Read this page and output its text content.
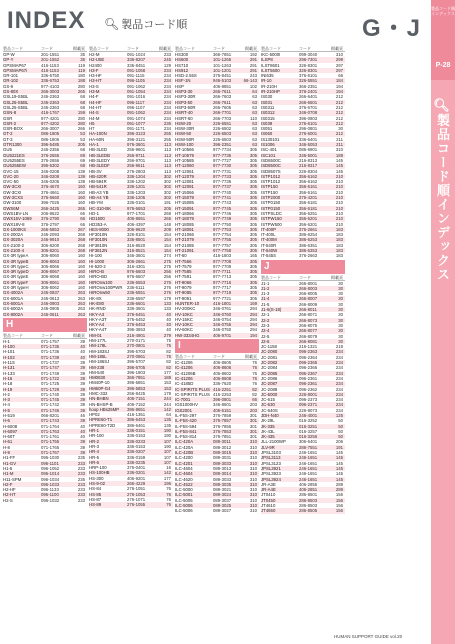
INDEX 🔍︎ 製品コード順	G・J
製品コード順インデックス
P-28
🔍︎製品コード順インデックス
製品コード	コード	掲載頁
GP-W	201-1551	35
GP-Y	201-1552	35
GPSMAP67	416-1153	119
GPSMAP67i	416-1153	119
GR-101	336-6750	180
GR-102	336-6753	188
GS-9	977-4103	280
GS-80X	266-3003	265
GSL19-S5BL	246-2363	68
GSL25-S5BL	246-2363	68
GSL25-S5BL	246-2363	68
GSN-8	416-1767	159
GSR	977-4201	280
GSR-2	977-4202	280
GSR-BOX	266-3007	266
GT-2	086-1805	53
GT-3	086-1806	53
GTR1300	396-5485	205
GU5	246-2356	68
GU5221ES	376-2655	69
GU5255ES	376-2656	69
GU5255EW	396-6302	68
GVC-15	346-0208	139
GVC-20	346-0209	139
GVC-50	346-0205	139
GW-3CXI	376-4670	160
GW-3CXI	376-4661	160
GW-3CXS	376-6660	160
GW-3100	396-7025	160
GWS6M	266-3425	265
GWS1BV-LN	206-8622	66
GWX16V-1069	376-2790	66
GWX18V-8	376-2797	66
GX-1000KS	266-5853	267
GX-2002A	246-2093	268
GX-3020A	246-9910	268
GX-2100-2	306-8200	268
GX-2100-4	306-8201	268
GX-3R typeA	306-8060	160
GX-3R typeB	306-8063	160
GX-3R typeC	306-8066	160
GX-3R typeD	306-8067	160
GX-3R typeE	306-8068	160
GX-3R typeF	306-8061	160
GX-3R typeH	306-8062	160
GX-4002A	246-0837	263
GX-6001A	246-0613	263
GX-6001A	246-0903	263
GX-6002A	246-0905	263
GX-8002A	246-0611	263
H
製品コード	コード	掲載頁
H-1	071-1757	39
H-100	071-1735	40
H-101	071-1736	40
H-102	071-1739	40
H-11S	071-1737	39
H-131	071-1747	39
H-133	071-1749	39
H-16	071-1722	39
H-18	071-1725	39
H-19	071-1729	39
H-2	071-1740	39
H-3	071-1745	39
H-4	071-1742	39
H-5	071-1746	39
H-519	066-8201	46
H-6	071-1743	39
H-6008	071-1764	40
H-6097	071-1763	40
H-60T	071-1761	40
H-61	071-1755	39
H-8	071-1765	39
H-9	071-1767	39
H1-FF	096-1030	235
H1-GV	096-1101	233
H1-5	096-1052	233
H1-M	096-1014	233
H11-SPM	096-1034	235
H2-F	096-1033	233
H2-HF	096-1133	233
H2-HT	096-1100	233
H2-S	096-1032	233
製品コード	コード	掲載頁
H2-M	091-1024	233
H2-U5E	336-8207	245
H2400	336-8451	129
H3-F	091-1058	234
H3-HF	091-1115	234
H3-HT	096-1105	234
H3-S	091-1062	234
H3-M	091-1054	234
H4-F	091-1016	234
H4-HF	096-1117	234
H4-HT	096-1107	234
H4-S	091-1062	234
H4-M	091-1074	234
H5	091-1077	236
H7	091-1171	234
HA-100N	396-3123	255
HA-60N	396-3121	255
HA-1	976-3601	113
HB-3LED	256-9601	113
HB-3LEDB	256-9711	113
HB-3LEDY	256-9701	113
HB-3LEDF	256-9611	113
HB-3V	276-2803	113
HB-420R	336-1204	302
HB-594R	336-1202	302
HB-541R	336-1201	302
HB-A3 YB	336-1203	302
HB-A4 YB	336-1205	302
HB-YM	336-0101	191
HC-310-BK	976-6653	205
HD-1	977-1701	269
HD1500	406-8651	265
HD353-A	406-4397	148
HES-8000	306-9620	209
HF3010N	326-8101	154
HF3010N	336-8501	154
HF3810N	316-8520	154
HF3812N	316-8521	154
HI-100	346-3601	274
HI-1000	306-2661	275
HI-520-2	316-4301	275
HIRO-B	976-6603	256
HIRO-BD	976-6607	256
HIROnw100	236-6553	276
HIROnw100PWR	236-6111	276
HIROnw50	236-6551	276
HK-8X	236-6597	179
HK-E80	236-6601	133
HK-RND	336-3601	133
HKY-A3	376-6451	40
HKY-A3T	376-6452	40
HKY-A4	376-6453	40
HKY-A4T	396-3653	40
HM-01	216-4901	279
HM-177L	270-0171	75
HM-178L	270-0801	75
HM-183SJ	396-5703	82
HM-185L	270-0861	75
HM-186SJ	396-5707	82
HM-238	396-6705	82
HM-540	396-1903	177
HM0830	366-7851	188
HM40P-10	396-5851	153
HM60P-G4	396-5853	153
HMC-332	256-8425	179
HN-BHBN	406-7151	244
HN-BHSP-B	406-7152	244
hoop HBs25MP	396-8651	142
HP02	416-1351	64
HPRE60-T1	386-6453	135
HPRE60-T2D	386-6461	135
HR-1	336-0151	190
HR-100	336-0153	190
HR-2	336-0233	107
HR-3	336-0153	190
HR-4	336-0207	107
HR-5	336-0159	107
HR-6	336-0235	107
HRP-100	376-0401	16
HS-100HB	236-0201	142
HS-300	406-9201	177
HS-9-02	266-4229	196
HS-84	276-1051	76
HS-85	276-1053	76
HS-87	276-1071	76
HS-89	276-1055	76
製品コード	コード	掲載頁
HS300	366-7851	192
HS600	101-1265	291
HS710	101-1263	291
HS912	101-1201	291
HSD-2.55S	376-8451	243
HSF-1N	946-5103	66-143
HSP	406-8851	102
HSP3-30	266-7611	64
HSP3-30R	266-7603	63
HSP3-50	266-7611	63
HSP3-50R	266-7605	63
HSRT-40	266-7701	63
HSRT-60	266-7703	110
HSW-20	226-6551	63
HSW-30R	226-6502	63
HSW-50	226-6503	63
HSW-50R	226-6503	63
HSW-100	396-2351	63
HT-10566	977-7734	305
HT-10579	977-7735	305
HT-10585	977-7727	305
HT-12060	977-7730	305
HT-12061	977-7731	305
HT-12079	977-7733	305
HT-12081	977-7736	305
HT-12091	977-7737	305
HT-15066	977-7740	305
HT-15079	977-7741	305
HT-15085	977-7743	305
HT-15091	977-7745	305
HT-18066	977-7746	305
HT-18079	977-7749	305
HT-18085	977-7750	305
HT-18091	977-7753	305
HT-21066	977-7754	305
HT-21079	977-7755	305
HT-21085	977-7757	305
HT-21091	977-7758	305
HT-60	416-1803	165
HT-7566	977-7708	305
HT-7579	977-7709	305
HT-7585	977-7711	305
HT-7591	977-7713	305
HT-9066	977-7716	305
HT-9079	977-7717	305
HT-9085	977-7719	305
HT-9091	977-7721	305
HUNTER-10	416-1801	169
HV-200KC	346-0761	294
HV-10KC	346-0760	294
HV-15KC	346-0754	294
HV-10KC	346-0755	294
HV-60KC	346-0750	294
HW-3334HG	406-9701	194
I
製品コード	コード	掲載頁
IC-41206	406-8605	76
IC-41206	406-8606	76
IC-41206B	406-8602	76
IC-41206	406-8608	76
IC-4185D	336-7620	76
IC-SPIRITS PLUS 416-2251	82
IC-SPIRITS PLUS 416-2253	82
IC-7001	396-0801	66
IGS1000HV	346-8601	203
IGS2001	406-6151	203
IL-F5S-297	376-7859	301
IL-F5S-420	376-7857	301
IL-F5S-594	376-7855	301
IL-F5S-841	376-7853	301
IL-F5S-814	376-7851	301
ILC-420A	089-3011	310
ILC-420A	089-3012	310
ILC-420B	089-3015	310
ILC-4200	089-3031	310
ILC-4201	089-3033	310
ILC-4604	089-3013	310
ILC-4604	089-3014	310
ILC-4620	089-3033	310
ILC-4622	089-3035	310
ILC-5000	089-3021	310
ILC-5001	089-3024	310
ILC-5005	089-3037	310
ILC-5006	089-3025	310
ILC-5006	089-3027	310
製品コード	コード	掲載頁
IKC-5000I	099-3040	310
ILSP8	296-7301	299
ILST8601	326-8301	297
ILST5600	326-8301	297
INI635	376-6101	66
IR-10	326-5551	184
IR-210H	366-2351	194
IR-210HP	376-2401	194
IS030	266-6401	212
IS031	266-6501	212
IS0311	376-6701	212
IS0312	346-0708	212
IS0315	396-0803	212
IS039	276-6101	212
IS051	296-0801	30
IS060	276-6001	212
IS130101	336-6401	211
IS1006	346-5053	211
ISC-401	086-6901	310
ISC101	346-5001	189
ISD6500C	216-8313	145
ISD8500C	216-8317	145
ISD8507S	226-8304	145
ISTP1012	356-6162	210
ISTP1012	356-6162	210
ISTP150	356-6161	210
ISTP150	356-6161	210
ISTP2000	376-4201	210
ISTP0150	356-6181	210
ISTP0150	356-6181	210
ISTPSLDC	356-6251	210
ISTPW150	356-6201	210
ISTPW500	356-6201	210
IT-400P	376-2661	183
IT-400L	386-6254	183
IT-400M	386-6253	183
IT-540R	386-6351	183
IT-540W	386-6353	183
IT-545S	376-2663	183
J
製品コード	コード	掲載頁
J1-1	266-8001	30
J1-2	266-8003	30
J1-3	266-8005	30
J1-4	266-8007	30
J1-5	266-8009	30
J1-6(S-18)	266-8011	30
J2-1	266-8071	30
J2-2	266-8073	30
J2-3	266-8075	30
J2-4	266-8077	30
J2-5	266-8079	30
J2-6	266-8081	30
JC-1158	216-1321	219
JC-2080	096-2363	234
JC-2081	096-2364	234
JC-2082	096-2365	234
JC-2084	096-2366	234
JC-2085	096-2367	234
JC-2086	096-2361	234
JC-2087	096-2361	234
JC-2088	096-2362	234
JC-6000	226-8001	234
JC-615	096-2373	234
JC-630	096-2371	234
JC-640S	226-8073	234
JDH-N40	246-4001	125
JK-29L	016-3252	50
JK-335	016-3251	50
JK-43L	016-3257	50
JK-435	016-3256	50
JLL-2100WP	306-6401	206
JLV-9R	286-7551	191
JPSL3103	246-1651	145
JPSL3113	246-1651	145
JPSL3123	246-1651	145
JPSL3921	246-1651	145
JPSL3923	246-1651	145
JPSL3924	246-1651	145
JR-A3E	406-2855	289
JR-A4E	406-2851	289
JT0410	286-8501	156
JT0450	286-8503	156
JT4610	286-8503	156
JT4650	286-8505	156
HUMAN SUPPORT GUIDE vol.20
